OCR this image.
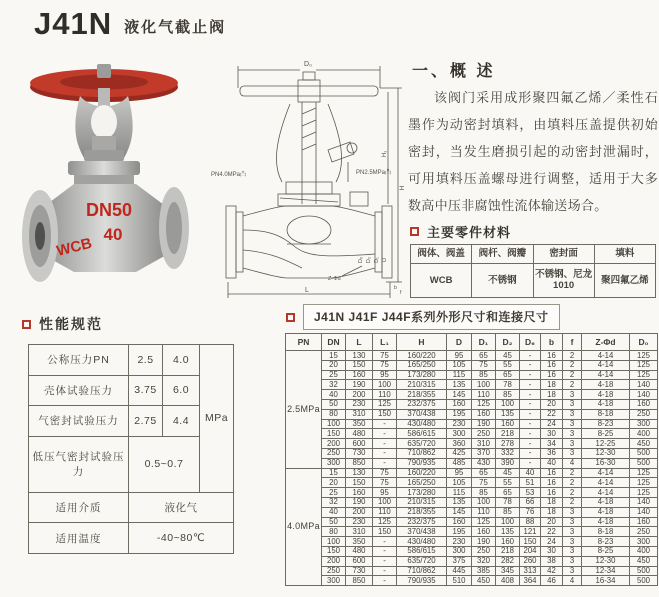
J41N 液化气截止阀
DN50
40
WCB
D₀
H₁
H
PN4.0MPa凸	PN2.5MPa凸
D₆ D₂ D₁ D
Z-Φd
L	b
f
一、概 述

该阀门采用成形聚四氟乙烯／柔性石墨作为动密封填料，由填料压盖提供初始密封，当发生磨损引起的动密封泄漏时，可用填料压盖螺母进行调整，适用于大多数高中压非腐蚀性流体输送场合。

主要零件材料
阀体、阀盖	阀杆、阀瓣	密封面	填料
WCB	不锈钢	不锈钢、尼龙1010	聚四氟乙烯
性能规范
公称压力PN	2.5	4.0	MPa
壳体试验压力	3.75	6.0	
气密封试验压力	2.75	4.4	
低压气密封试验压力	0.5~0.7		
适用介质	液化气		
适用温度	-40~80℃		
J41N J41F J44F系列外形尺寸和连接尺寸
PN	DN	L	L₁	H	D	D₁	D₂	D₆	b	f	Z-Φd	D₀
2.5MPa	15	130	75	160/220	95	65	45	-	16	2	4-14	125
	20	150	75	165/250	105	75	55	-	16	2	4-14	125
	25	160	95	173/280	115	85	65	-	16	2	4-14	125
	32	190	100	210/315	135	100	78	-	18	2	4-18	140
	40	200	110	218/355	145	110	85	-	18	3	4-18	140
	50	230	125	232/375	160	125	100	-	20	3	4-18	160
	80	310	150	370/438	195	160	135	-	22	3	8-18	250
	100	350	-	430/480	230	190	160	-	24	3	8-23	300
	150	480	-	586/615	300	250	218	-	30	3	8-25	400
	200	600	-	635/720	360	310	278	-	34	3	12-25	450
	250	730	-	710/862	425	370	332	-	36	3	12-30	500
	300	850	-	790/935	485	430	390	-	40	4	16-30	500
4.0MPa	15	130	75	160/220	95	65	45	40	16	2	4-14	125
	20	150	75	165/250	105	75	55	51	16	2	4-14	125
	25	160	95	173/280	115	85	65	53	16	2	4-14	125
	32	190	100	210/315	135	100	78	66	18	2	4-18	140
	40	200	110	218/355	145	110	85	76	18	3	4-18	140
	50	230	125	232/375	160	125	100	88	20	3	4-18	160
	80	310	150	370/438	195	160	135	121	22	3	8-18	250
	100	350	-	430/480	230	190	160	150	24	3	8-23	300
	150	480	-	586/615	300	250	218	204	30	3	8-25	400
	200	600	-	635/720	375	320	282	260	38	3	12-30	450
	250	730	-	710/862	445	385	345	313	42	3	12-34	500
	300	850	-	790/935	510	450	408	364	46	4	16-34	500
